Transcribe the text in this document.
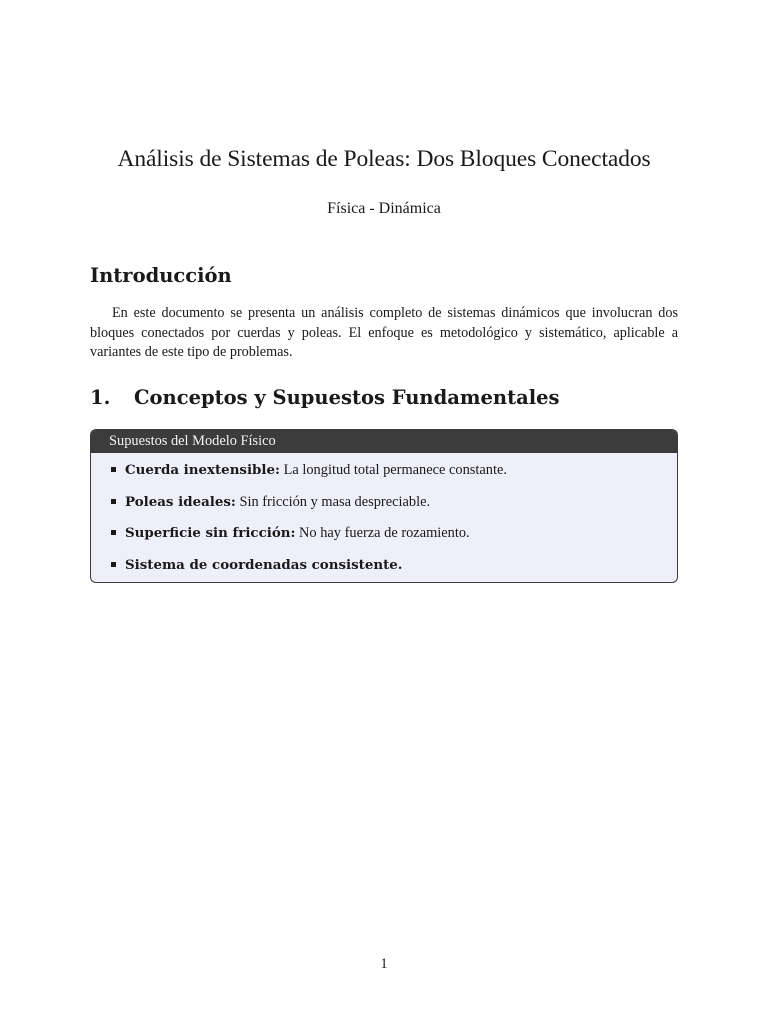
Análisis de Sistemas de Poleas: Dos Bloques Conectados

Física - Dinámica

Introducción

En este documento se presenta un análisis completo de sistemas dinámicos que involucran dos bloques conectados por cuerdas y poleas. El enfoque es metodológico y sistemático, aplicable a variantes de este tipo de problemas.

1. Conceptos y Supuestos Fundamentales
Supuestos del Modelo Físico
Cuerda inextensible: La longitud total permanece constante.
Poleas ideales: Sin fricción y masa despreciable.
Superficie sin fricción: No hay fuerza de rozamiento.
Sistema de coordenadas consistente.
1
